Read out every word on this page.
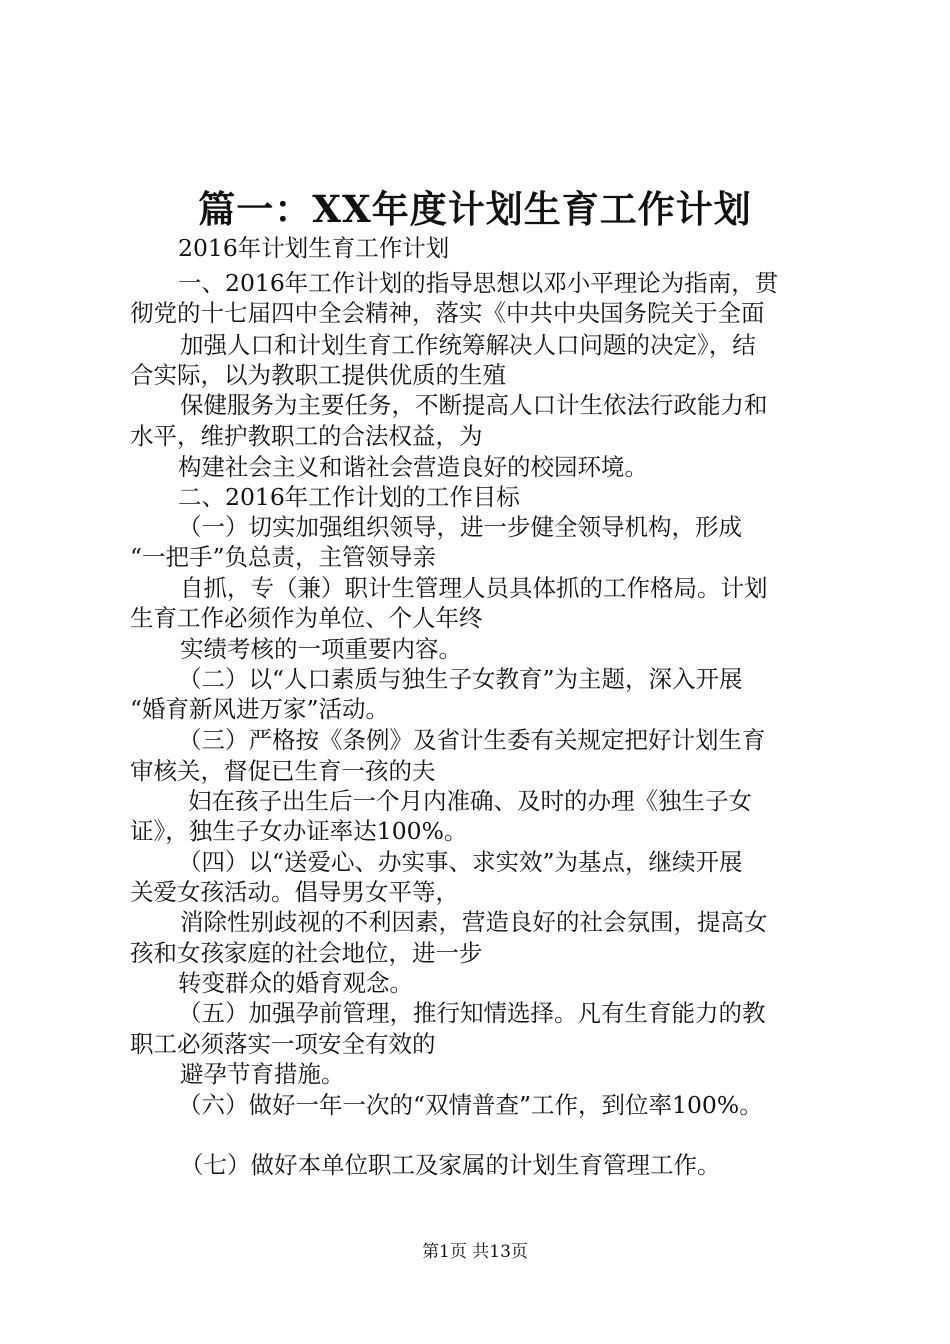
篇一：XX年度计划生育工作计划
2016年计划生育工作计划
一、2016年工作计划的指导思想以邓小平理论为指南，贯
彻党的十七届四中全会精神，落实《中共中央国务院关于全面
加强人口和计划生育工作统筹解决人口问题的决定》，结
合实际，以为教职工提供优质的生殖
保健服务为主要任务，不断提高人口计生依法行政能力和
水平，维护教职工的合法权益，为
构建社会主义和谐社会营造良好的校园环境。
二、2016年工作计划的工作目标
（一）切实加强组织领导，进一步健全领导机构，形成
“一把手”负总责，主管领导亲
自抓，专（兼）职计生管理人员具体抓的工作格局。计划
生育工作必须作为单位、个人年终
实绩考核的一项重要内容。
（二）以“人口素质与独生子女教育”为主题，深入开展
“婚育新风进万家”活动。
（三）严格按《条例》及省计生委有关规定把好计划生育
审核关，督促已生育一孩的夫
妇在孩子出生后一个月内准确、及时的办理《独生子女
证》，独生子女办证率达100%。
（四）以“送爱心、办实事、求实效”为基点，继续开展
关爱女孩活动。倡导男女平等，
消除性别歧视的不利因素，营造良好的社会氛围，提高女
孩和女孩家庭的社会地位，进一步
转变群众的婚育观念。
（五）加强孕前管理，推行知情选择。凡有生育能力的教
职工必须落实一项安全有效的
避孕节育措施。
（六）做好一年一次的“双情普查”工作，到位率100%。
（七）做好本单位职工及家属的计划生育管理工作。
第1页 共13页
